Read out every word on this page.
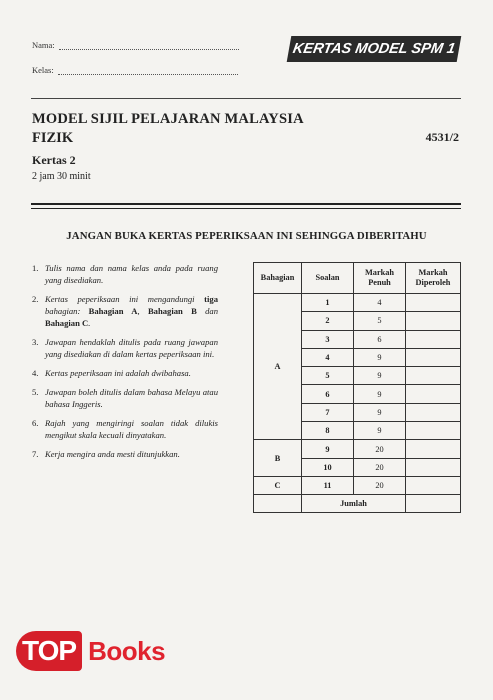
Nama:
Kelas:
KERTAS MODEL SPM 1
MODEL SIJIL PELAJARAN MALAYSIA
FIZIK	4531/2
Kertas 2
2 jam 30 minit
JANGAN BUKA KERTAS PEPERIKSAAN INI SEHINGGA DIBERITAHU
1. Tulis nama dan nama kelas anda pada ruang yang disediakan.
2. Kertas peperiksaan ini mengandungi tiga bahagian: Bahagian A, Bahagian B dan Bahagian C.
3. Jawapan hendaklah ditulis pada ruang jawapan yang disediakan di dalam kertas peperiksaan ini.
4. Kertas peperiksaan ini adalah dwibahasa.
5. Jawapan boleh ditulis dalam bahasa Melayu atau bahasa Inggeris.
6. Rajah yang mengiringi soalan tidak dilukis mengikut skala kecuali dinyatakan.
7. Kerja mengira anda mesti ditunjukkan.
Bahagian	Soalan	Markah Penuh	Markah Diperoleh
A	1	4	
	2	5	
	3	6	
	4	9	
	5	9	
	6	9	
	7	9	
	8	9	
B	9	20	
	10	20	
C	11	20	
	Jumlah		
TOP Books
